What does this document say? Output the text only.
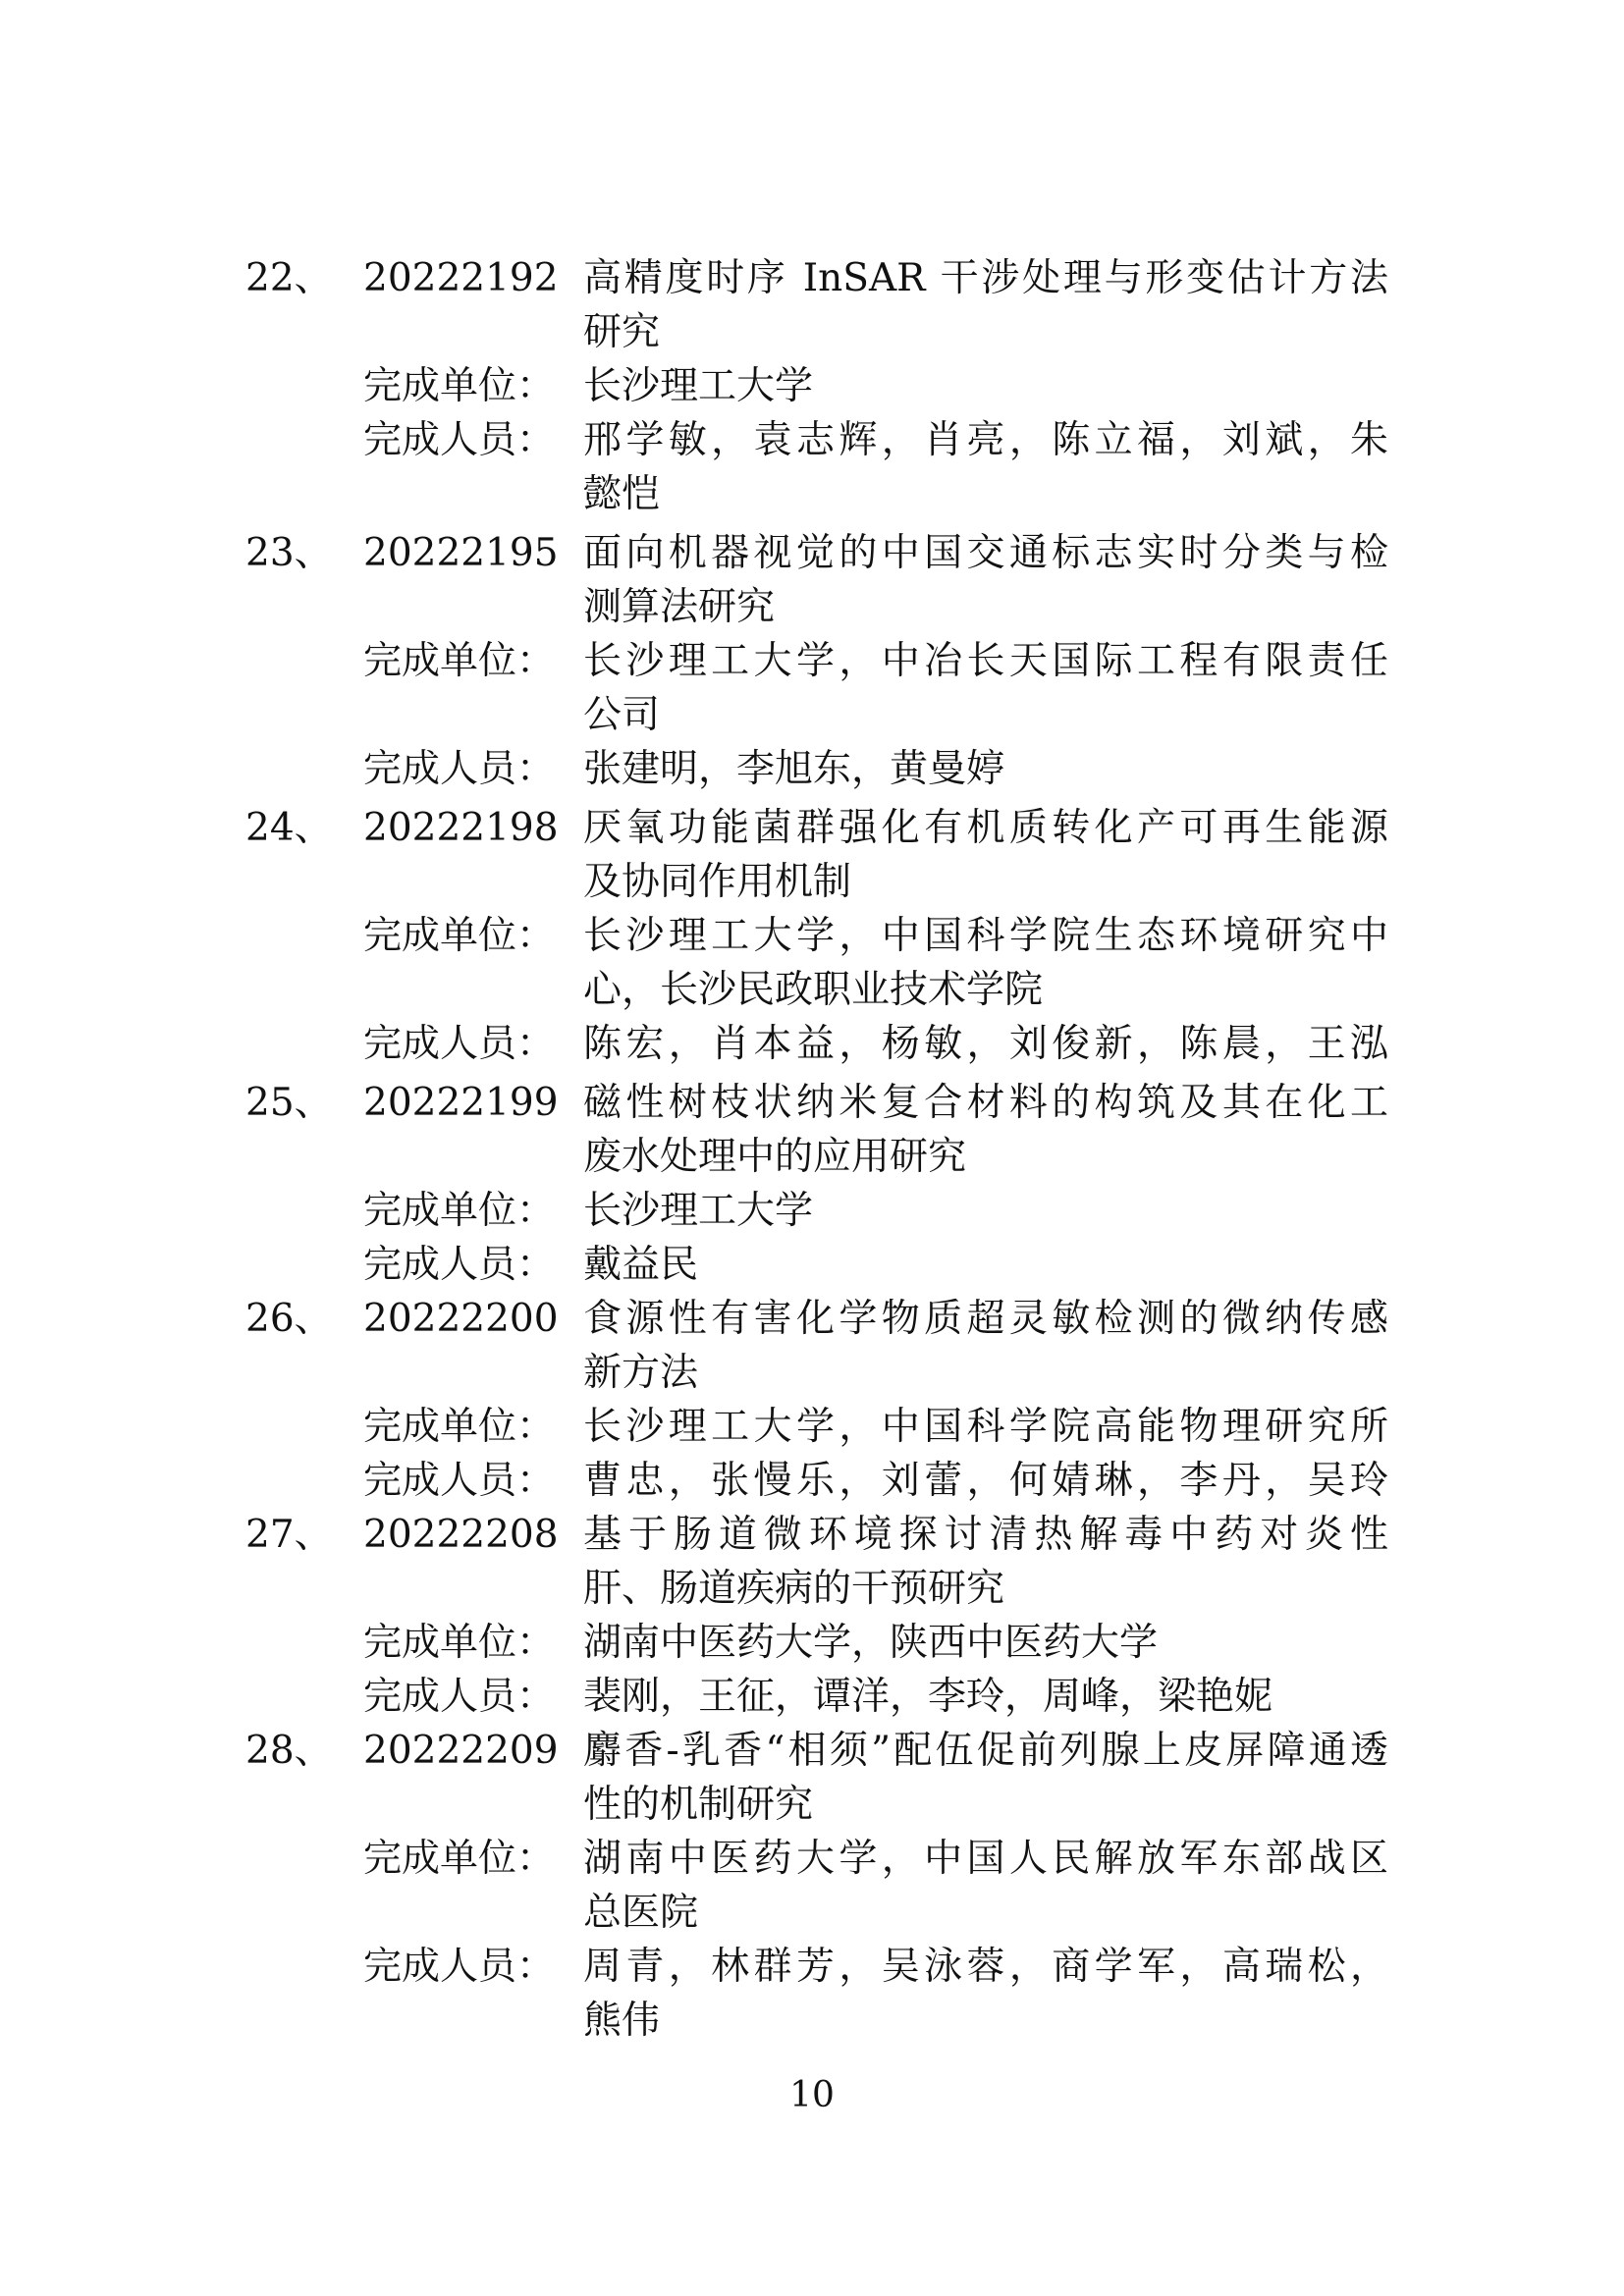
22、 20222192 高精度时序 InSAR 干涉处理与形变估计方法
研究
完成单位： 长沙理工大学
完成人员： 邢学敏，袁志辉，肖亮，陈立福，刘斌，朱
懿恺
23、 20222195 面向机器视觉的中国交通标志实时分类与检
测算法研究
完成单位： 长沙理工大学，中冶长天国际工程有限责任
公司
完成人员： 张建明，李旭东，黄曼婷
24、 20222198 厌氧功能菌群强化有机质转化产可再生能源
及协同作用机制
完成单位： 长沙理工大学，中国科学院生态环境研究中
心，长沙民政职业技术学院
完成人员： 陈宏，肖本益，杨敏，刘俊新，陈晨，王泓
25、 20222199 磁性树枝状纳米复合材料的构筑及其在化工
废水处理中的应用研究
完成单位： 长沙理工大学
完成人员： 戴益民
26、 20222200 食源性有害化学物质超灵敏检测的微纳传感
新方法
完成单位： 长沙理工大学，中国科学院高能物理研究所
完成人员： 曹忠，张慢乐，刘蕾，何婧琳，李丹，吴玲
27、 20222208 基于肠道微环境探讨清热解毒中药对炎性
肝、肠道疾病的干预研究
完成单位： 湖南中医药大学，陕西中医药大学
完成人员： 裴刚，王征，谭洋，李玲，周峰，梁艳妮
28、 20222209 麝香-乳香“相须”配伍促前列腺上皮屏障通透
性的机制研究
完成单位： 湖南中医药大学，中国人民解放军东部战区
总医院
完成人员： 周青，林群芳，吴泳蓉，商学军，高瑞松，
熊伟
10
